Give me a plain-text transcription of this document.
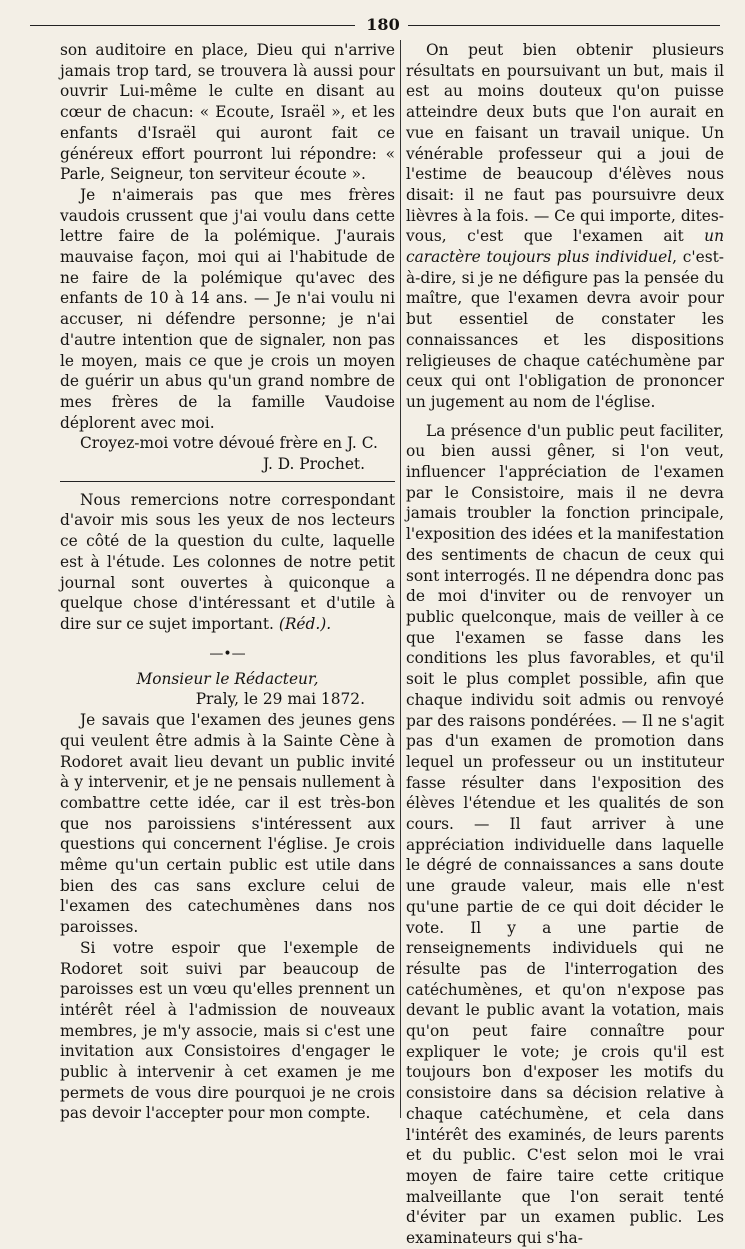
180

son auditoire en place, Dieu qui n'arrive jamais trop tard, se trouvera là aussi pour ouvrir Lui-même le culte en disant au cœur de chacun: « Ecoute, Israël », et les enfants d'Israël qui auront fait ce généreux effort pourront lui répondre: « Parle, Seigneur, ton serviteur écoute ».

Je n'aimerais pas que mes frères vaudois crussent que j'ai voulu dans cette lettre faire de la polémique. J'aurais mauvaise façon, moi qui ai l'habitude de ne faire de la polémique qu'avec des enfants de 10 à 14 ans. — Je n'ai voulu ni accuser, ni défendre personne; je n'ai d'autre intention que de signaler, non pas le moyen, mais ce que je crois un moyen de guérir un abus qu'un grand nombre de mes frères de la famille Vaudoise déplorent avec moi.

Croyez-moi votre dévoué frère en J. C.

J. D. Prochet.

Nous remercions notre correspondant d'avoir mis sous les yeux de nos lecteurs ce côté de la question du culte, laquelle est à l'étude. Les colonnes de notre petit journal sont ouvertes à quiconque a quelque chose d'intéressant et d'utile à dire sur ce sujet important. (Réd.).

—•—

Monsieur le Rédacteur,

Praly, le 29 mai 1872.

Je savais que l'examen des jeunes gens qui veulent être admis à la Sainte Cène à Rodoret avait lieu devant un public invité à y intervenir, et je ne pensais nullement à combattre cette idée, car il est très-bon que nos paroissiens s'intéressent aux questions qui concernent l'église. Je crois même qu'un certain public est utile dans bien des cas sans exclure celui de l'examen des catechumènes dans nos paroisses.

Si votre espoir que l'exemple de Rodoret soit suivi par beaucoup de paroisses est un vœu qu'elles prennent un intérêt réel à l'admission de nouveaux membres, je m'y associe, mais si c'est une invitation aux Consistoires d'engager le public à intervenir à cet examen je me permets de vous dire pourquoi je ne crois pas devoir l'accepter pour mon compte.

On peut bien obtenir plusieurs résultats en poursuivant un but, mais il est au moins douteux qu'on puisse atteindre deux buts que l'on aurait en vue en faisant un travail unique. Un vénérable professeur qui a joui de l'estime de beaucoup d'élèves nous disait: il ne faut pas poursuivre deux lièvres à la fois. — Ce qui importe, dites-vous, c'est que l'examen ait un caractère toujours plus individuel, c'est-à-dire, si je ne défigure pas la pensée du maître, que l'examen devra avoir pour but essentiel de constater les connaissances et les dispositions religieuses de chaque catéchumène par ceux qui ont l'obligation de prononcer un jugement au nom de l'église.

La présence d'un public peut faciliter, ou bien aussi gêner, si l'on veut, influencer l'appréciation de l'examen par le Consistoire, mais il ne devra jamais troubler la fonction principale, l'exposition des idées et la manifestation des sentiments de chacun de ceux qui sont interrogés. Il ne dépendra donc pas de moi d'inviter ou de renvoyer un public quelconque, mais de veiller à ce que l'examen se fasse dans les conditions les plus favorables, et qu'il soit le plus complet possible, afin que chaque individu soit admis ou renvoyé par des raisons pondérées. — Il ne s'agit pas d'un examen de promotion dans lequel un professeur ou un instituteur fasse résulter dans l'exposition des élèves l'étendue et les qualités de son cours. — Il faut arriver à une appréciation individuelle dans laquelle le dégré de connaissances a sans doute une graude valeur, mais elle n'est qu'une partie de ce qui doit décider le vote. Il y a une partie de renseignements individuels qui ne résulte pas de l'interrogation des catéchumènes, et qu'on n'expose pas devant le public avant la votation, mais qu'on peut faire connaître pour expliquer le vote; je crois qu'il est toujours bon d'exposer les motifs du consistoire dans sa décision relative à chaque catéchumène, et cela dans l'intérêt des examinés, de leurs parents et du public. C'est selon moi le vrai moyen de faire taire cette critique malveillante que l'on serait tenté d'éviter par un examen public. Les examinateurs qui s'ha-
